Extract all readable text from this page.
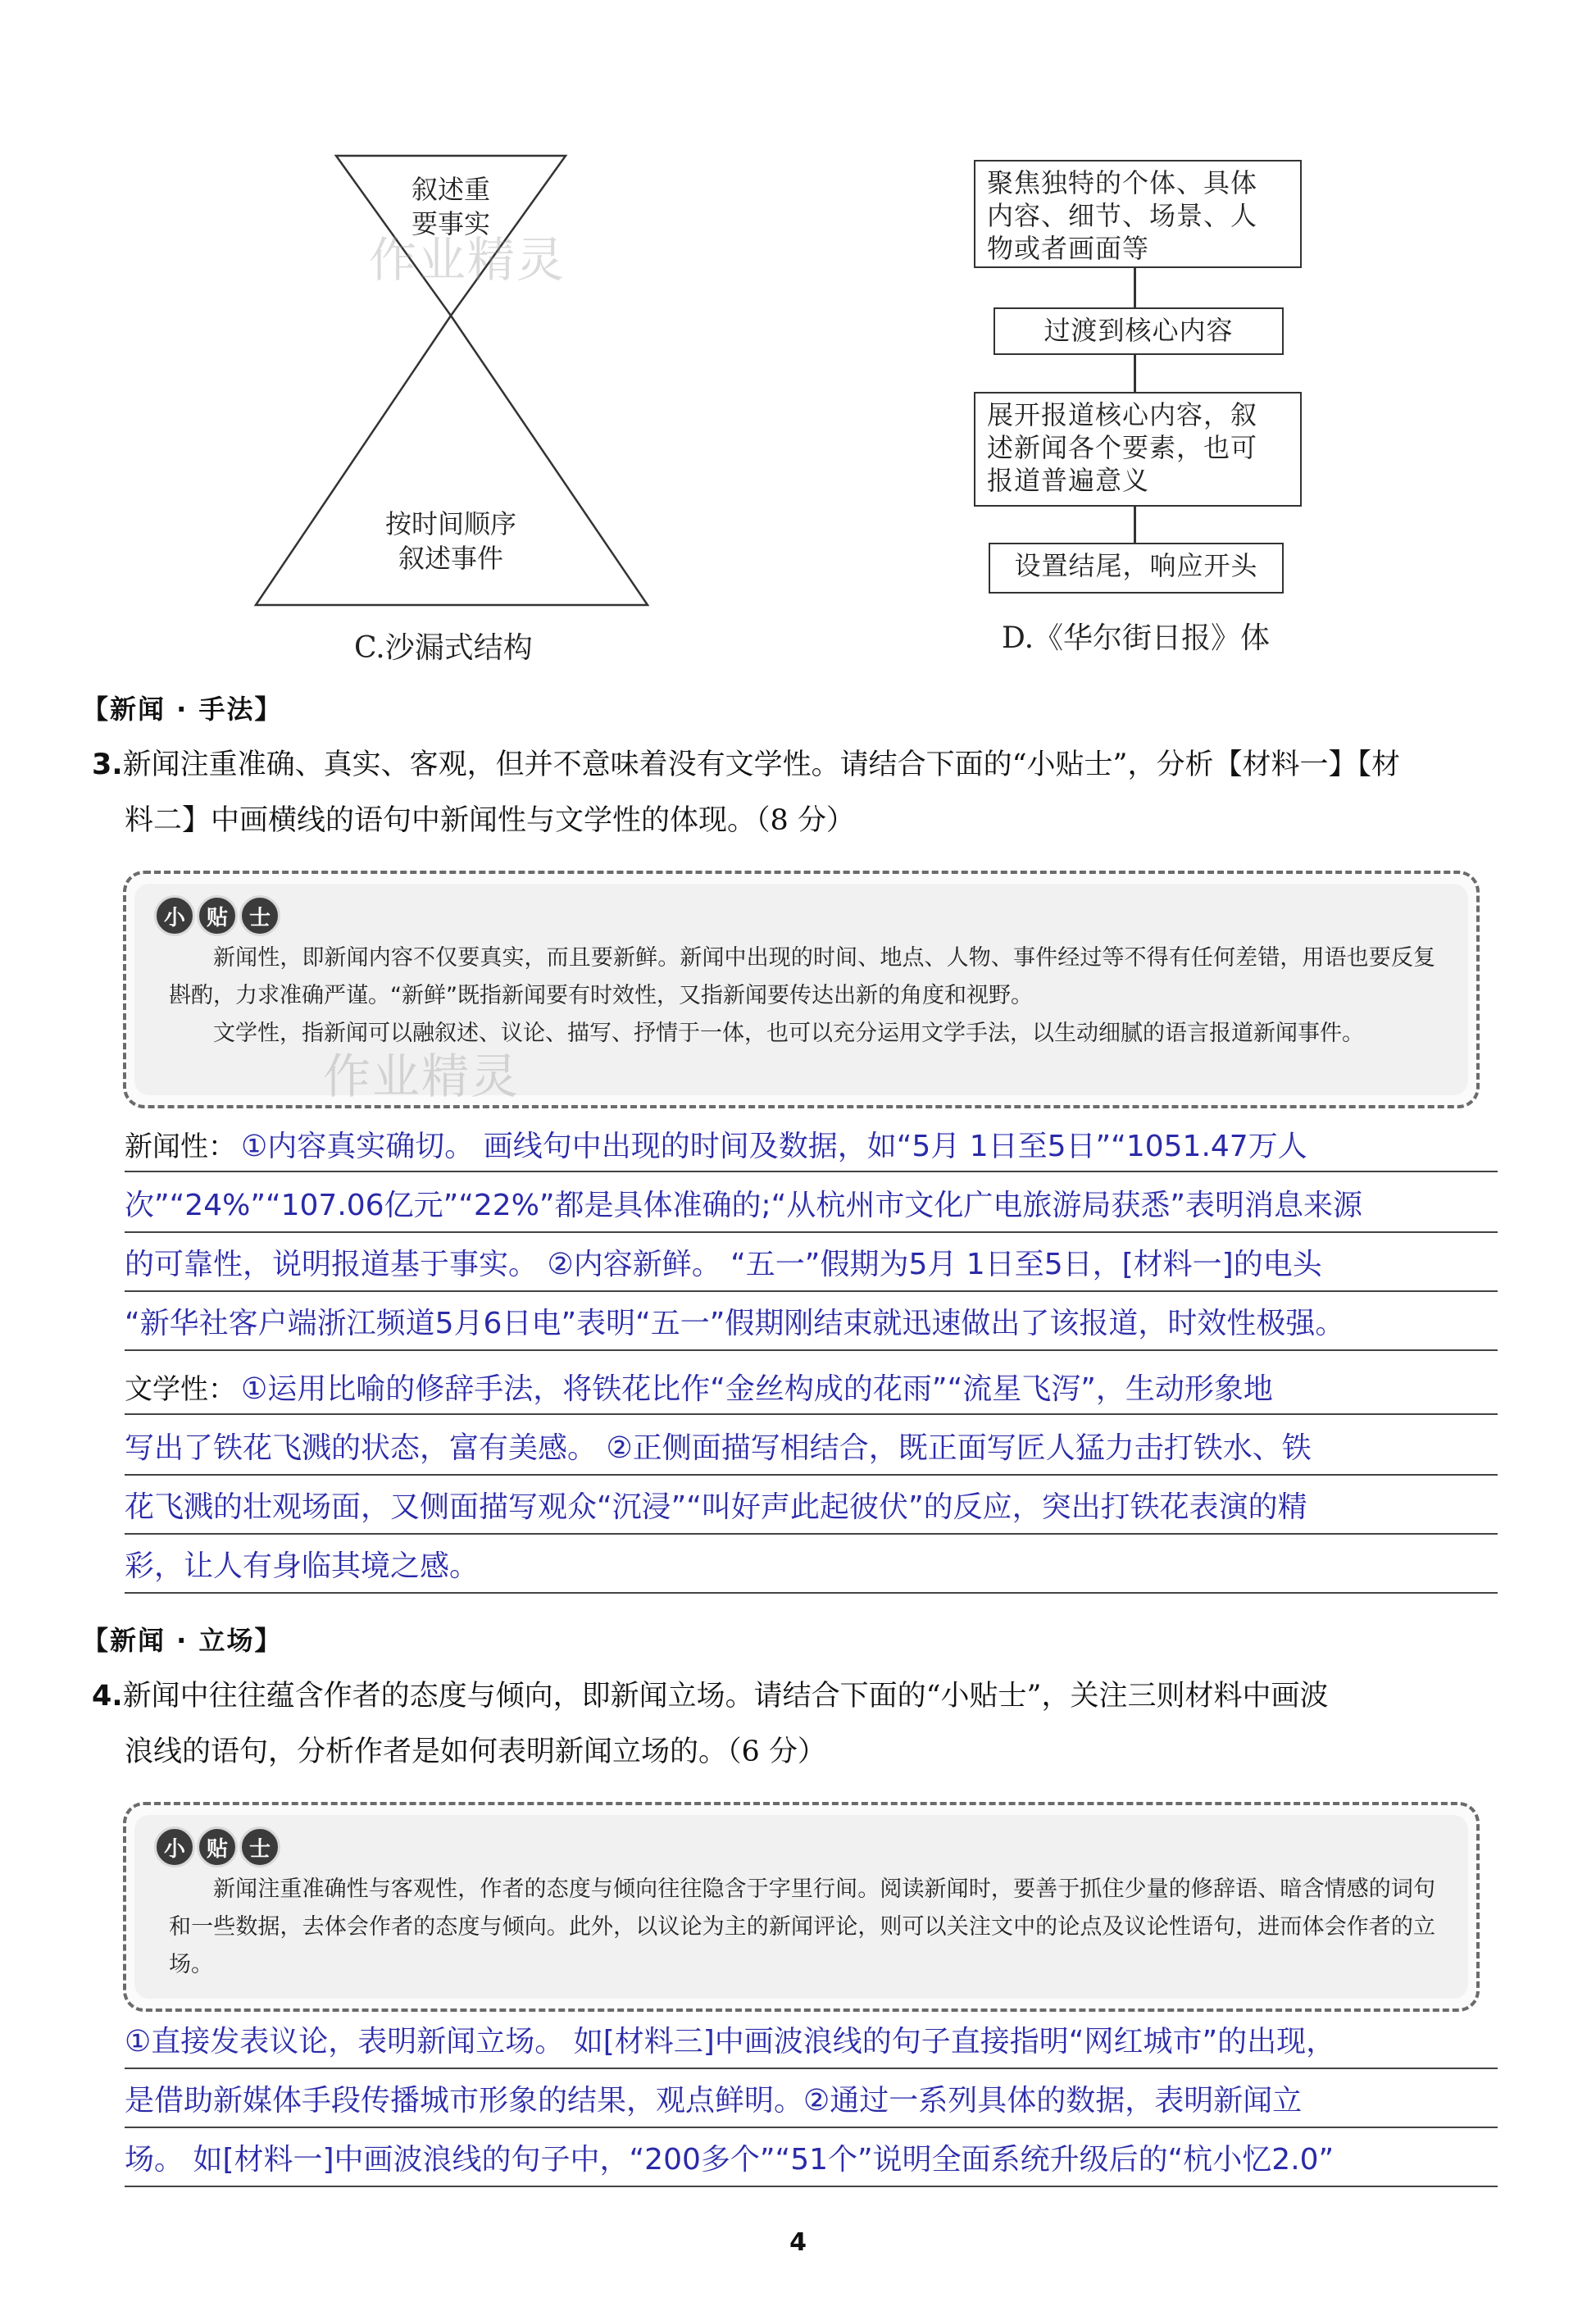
叙述重
要事实
作业精灵
按时间顺序
叙述事件
C.沙漏式结构
聚焦独特的个体、具体
内容、细节、场景、人
物或者画面等
过渡到核心内容
展开报道核心内容，叙
述新闻各个要素，也可
报道普遍意义
设置结尾，响应开头
D.《华尔街日报》体
【新闻 · 手法】
3.新闻注重准确、真实、客观，但并不意味着没有文学性。请结合下面的“小贴士”，分析【材料一】【材
料二】中画横线的语句中新闻性与文学性的体现。（8 分）
小 贴 士

新闻性，即新闻内容不仅要真实，而且要新鲜。新闻中出现的时间、地点、人物、事件经过等不得有任何差错，用语也要反复斟酌，力求准确严谨。“新鲜”既指新闻要有时效性，又指新闻要传达出新的角度和视野。

文学性，指新闻可以融叙述、议论、描写、抒情于一体，也可以充分运用文学手法，以生动细腻的语言报道新闻事件。

作业精灵
新闻性： ①内容真实确切。 画线句中出现的时间及数据，如“5月 1日至5日”“1051.47万人
次”“24%”“107.06亿元”“22%”都是具体准确的;“从杭州市文化广电旅游局获悉”表明消息来源
的可靠性，说明报道基于事实。 ②内容新鲜。 “五一”假期为5月 1日至5日，[材料一]的电头
“新华社客户端浙江频道5月6日电”表明“五一”假期刚结束就迅速做出了该报道，时效性极强。
文学性： ①运用比喻的修辞手法，将铁花比作“金丝构成的花雨”“流星飞泻”，生动形象地
写出了铁花飞溅的状态，富有美感。 ②正侧面描写相结合，既正面写匠人猛力击打铁水、铁
花飞溅的壮观场面，又侧面描写观众“沉浸”“叫好声此起彼伏”的反应，突出打铁花表演的精
彩，让人有身临其境之感。
【新闻 · 立场】
4.新闻中往往蕴含作者的态度与倾向，即新闻立场。请结合下面的“小贴士”，关注三则材料中画波
浪线的语句，分析作者是如何表明新闻立场的。（6 分）
小 贴 士

新闻注重准确性与客观性，作者的态度与倾向往往隐含于字里行间。阅读新闻时，要善于抓住少量的修辞语、暗含情感的词句和一些数据，去体会作者的态度与倾向。此外，以议论为主的新闻评论，则可以关注文中的论点及议论性语句，进而体会作者的立场。

①直接发表议论，表明新闻立场。 如[材料三]中画波浪线的句子直接指明“网红城市”的出现，
是借助新媒体手段传播城市形象的结果，观点鲜明。②通过一系列具体的数据，表明新闻立
场。 如[材料一]中画波浪线的句子中，“200多个”“51个”说明全面系统升级后的“杭小忆2.0”
4
